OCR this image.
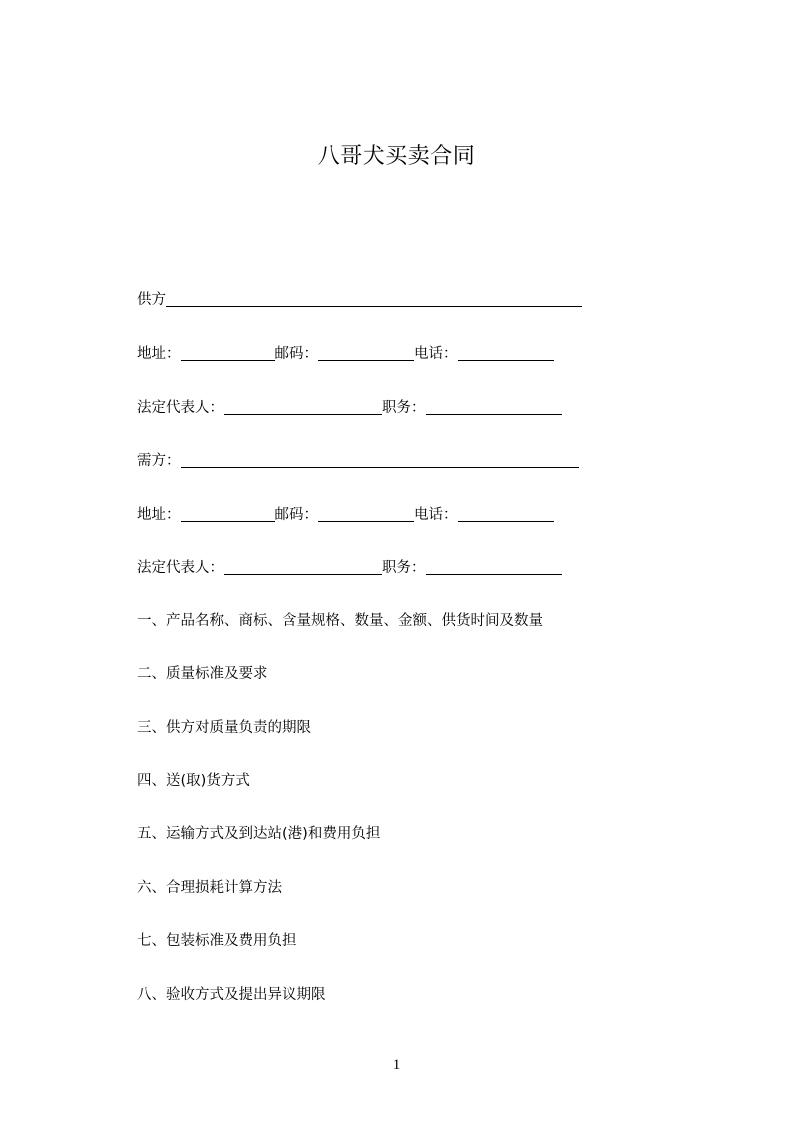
八哥犬买卖合同
供方
地址：	邮码：	电话：
法定代表人：	职务：
需方：
地址：	邮码：	电话：
法定代表人：	职务：
一、产品名称、商标、含量规格、数量、金额、供货时间及数量
二、质量标准及要求
三、供方对质量负责的期限
四、送(取)货方式
五、运输方式及到达站(港)和费用负担
六、合理损耗计算方法
七、包装标准及费用负担
八、验收方式及提出异议期限
1
